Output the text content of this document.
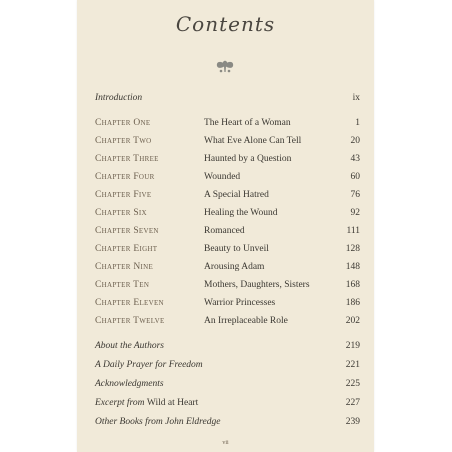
Contents
Introduction	ix
Chapter One	The Heart of a Woman	1
Chapter Two	What Eve Alone Can Tell	20
Chapter Three	Haunted by a Question	43
Chapter Four	Wounded	60
Chapter Five	A Special Hatred	76
Chapter Six	Healing the Wound	92
Chapter Seven	Romanced	111
Chapter Eight	Beauty to Unveil	128
Chapter Nine	Arousing Adam	148
Chapter Ten	Mothers, Daughters, Sisters	168
Chapter Eleven	Warrior Princesses	186
Chapter Twelve	An Irreplaceable Role	202
About the Authors	219
A Daily Prayer for Freedom	221
Acknowledgments	225
Excerpt from Wild at Heart	227
Other Books from John Eldredge	239
vii
